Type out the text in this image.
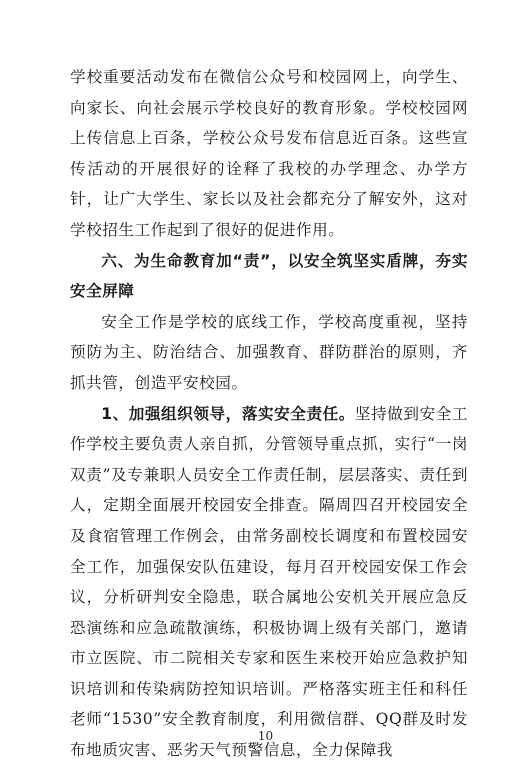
学校重要活动发布在微信公众号和校园网上，向学生、向家长、向社会展示学校良好的教育形象。学校校园网上传信息上百条，学校公众号发布信息近百条。这些宣传活动的开展很好的诠释了我校的办学理念、办学方针，让广大学生、家长以及社会都充分了解安外，这对学校招生工作起到了很好的促进作用。

六、为生命教育加“责”，以安全筑坚实盾牌，夯实安全屏障

安全工作是学校的底线工作，学校高度重视，坚持预防为主、防治结合、加强教育、群防群治的原则，齐抓共管，创造平安校园。

1、加强组织领导，落实安全责任。坚持做到安全工作学校主要负责人亲自抓，分管领导重点抓，实行“一岗双责”及专兼职人员安全工作责任制，层层落实、责任到人，定期全面展开校园安全排查。隔周四召开校园安全及食宿管理工作例会，由常务副校长调度和布置校园安全工作，加强保安队伍建设，每月召开校园安保工作会议，分析研判安全隐患，联合属地公安机关开展应急反恐演练和应急疏散演练，积极协调上级有关部门，邀请市立医院、市二院相关专家和医生来校开始应急救护知识培训和传染病防控知识培训。严格落实班主任和科任老师“1530”安全教育制度，利用微信群、QQ群及时发布地质灾害、恶劣天气预警信息，全力保障我

10
